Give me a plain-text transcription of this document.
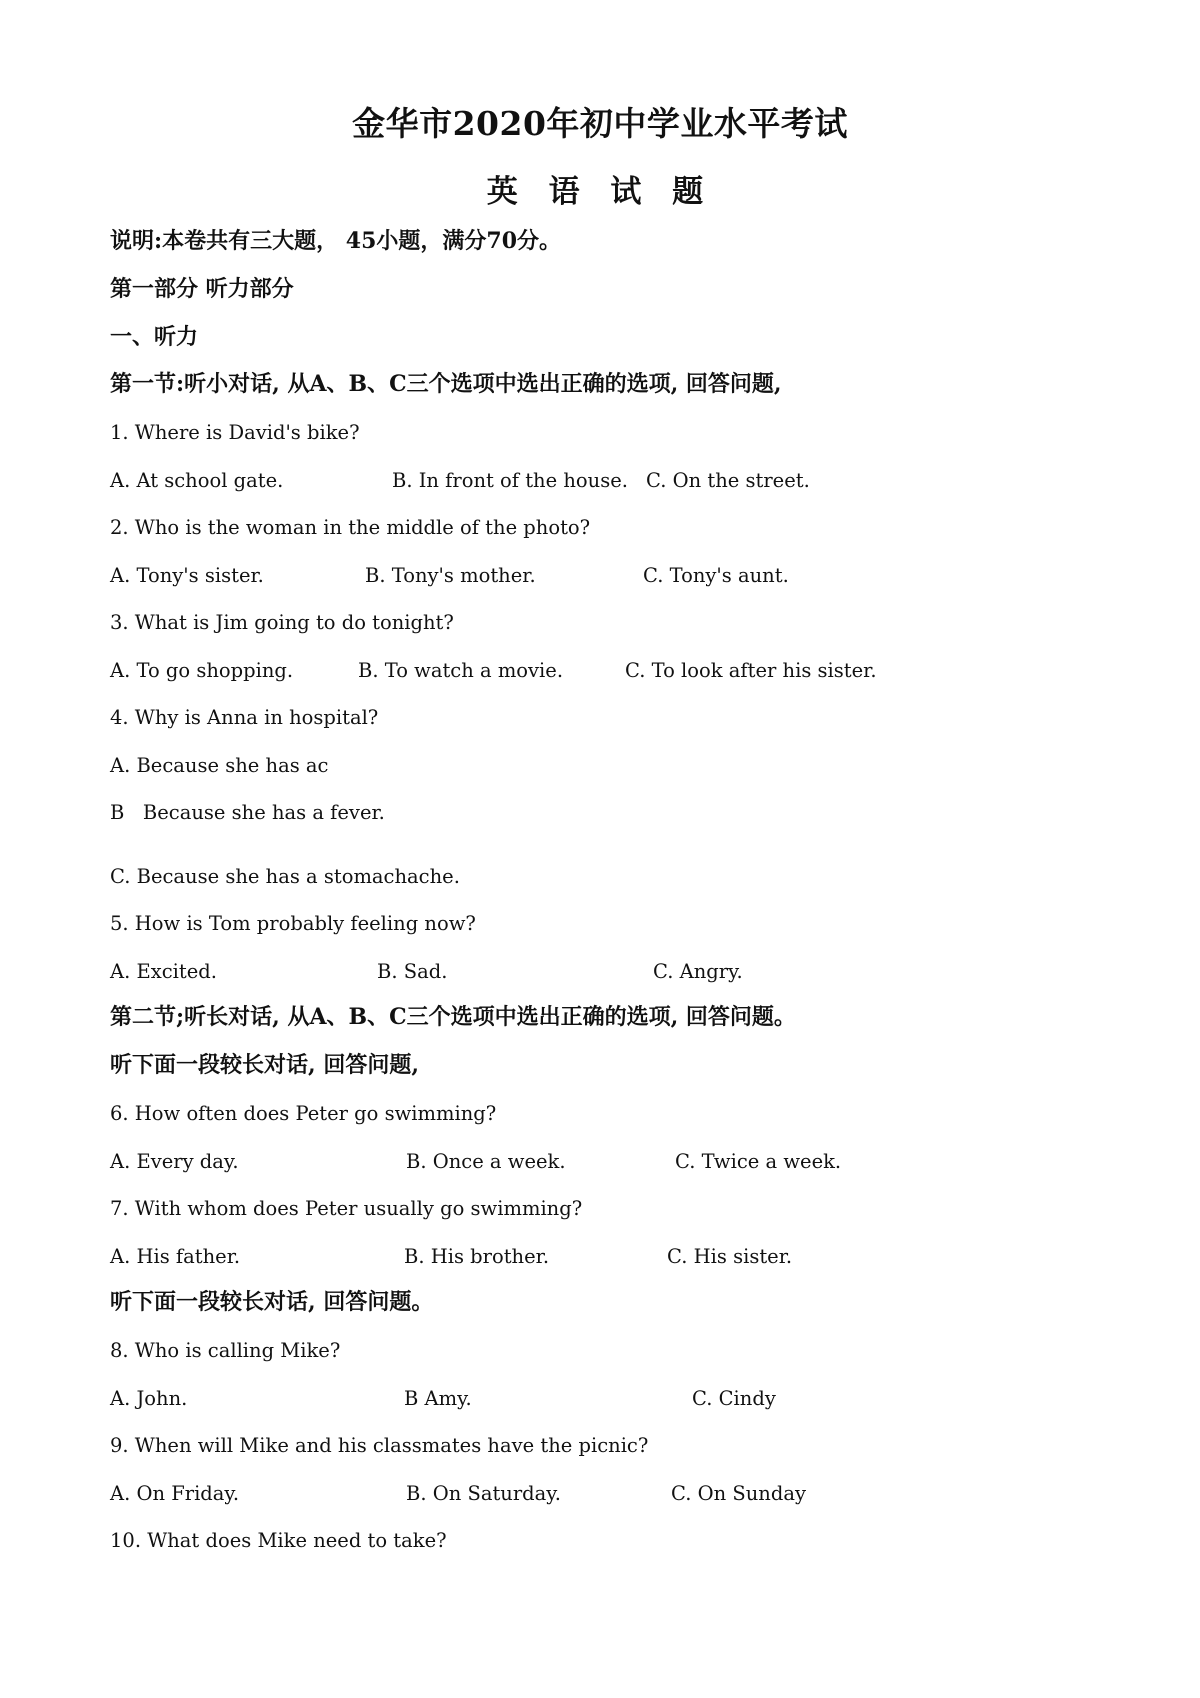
金华市2020年初中学业水平考试
英 语 试 题
说明:本卷共有三大题， 45小题，满分70分。
第一部分 听力部分
一、听力
第一节:听小对话, 从A、B、C三个选项中选出正确的选项, 回答问题,
1. Where is David's bike?
A. At school gate.	B. In front of the house. C. On the street.
2. Who is the woman in the middle of the photo?
A. Tony's sister.	B. Tony's mother.	C. Tony's aunt.
3. What is Jim going to do tonight?
A. To go shopping.	B. To watch a movie.	C. To look after his sister.
4. Why is Anna in hospital?
A. Because she has ac
B   Because she has a fever.
C. Because she has a stomachache.
5. How is Tom probably feeling now?
A. Excited.	B. Sad.	C. Angry.
第二节;听长对话, 从A、B、C三个选项中选出正确的选项, 回答问题。
听下面一段较长对话, 回答问题,
6. How often does Peter go swimming?
A. Every day.	B. Once a week.	C. Twice a week.
7. With whom does Peter usually go swimming?
A. His father.	B. His brother.	C. His sister.
听下面一段较长对话, 回答问题。
8. Who is calling Mike?
A. John.	B Amy.	C. Cindy
9. When will Mike and his classmates have the picnic?
A. On Friday.	B. On Saturday.	C. On Sunday
10. What does Mike need to take?
